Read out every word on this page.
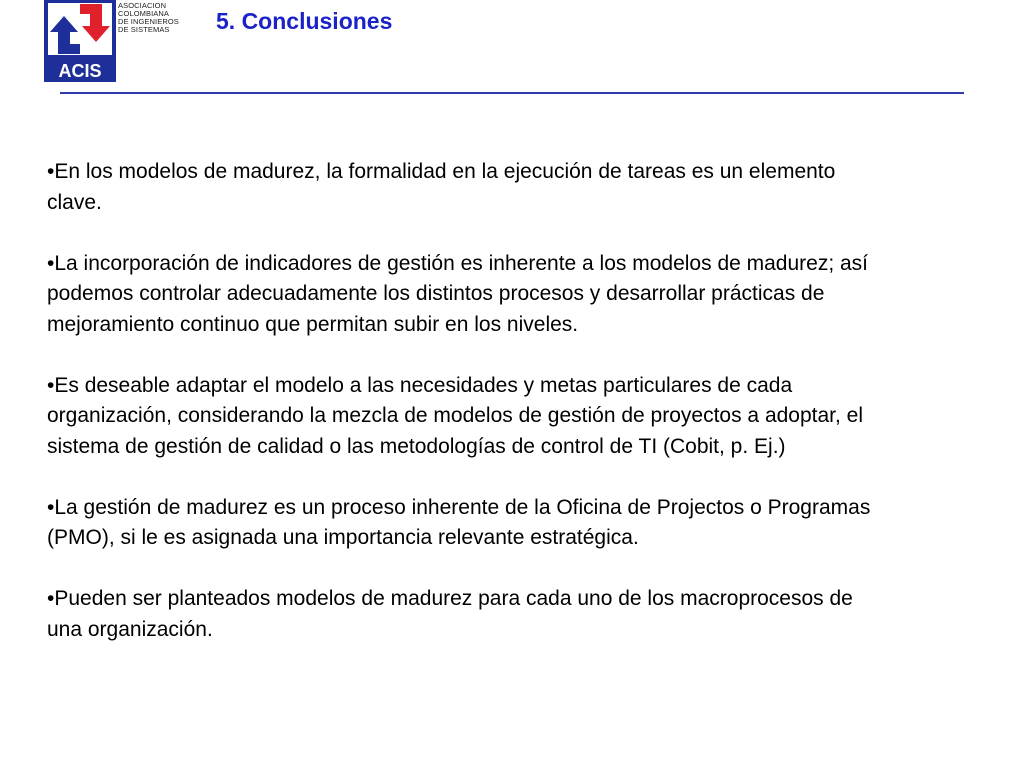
ACIS
ASOCIACION
COLOMBIANA
DE INGENIEROS
DE SISTEMAS	5. Conclusiones

•En los modelos de madurez, la formalidad en la ejecución de tareas es un elemento clave.

•La incorporación de indicadores de gestión es inherente a los modelos de madurez; así podemos controlar adecuadamente los distintos procesos y desarrollar prácticas de mejoramiento continuo que permitan subir en los niveles.

•Es deseable adaptar el modelo a las necesidades y metas particulares de cada organización, considerando la mezcla de modelos de gestión de proyectos a adoptar, el sistema de gestión de calidad o las metodologías de control de TI (Cobit, p. Ej.)

•La gestión de madurez es un proceso inherente de la Oficina de Projectos o Programas (PMO), si le es asignada una importancia relevante estratégica.

•Pueden ser planteados modelos de madurez para cada uno de los macroprocesos de una organización.
